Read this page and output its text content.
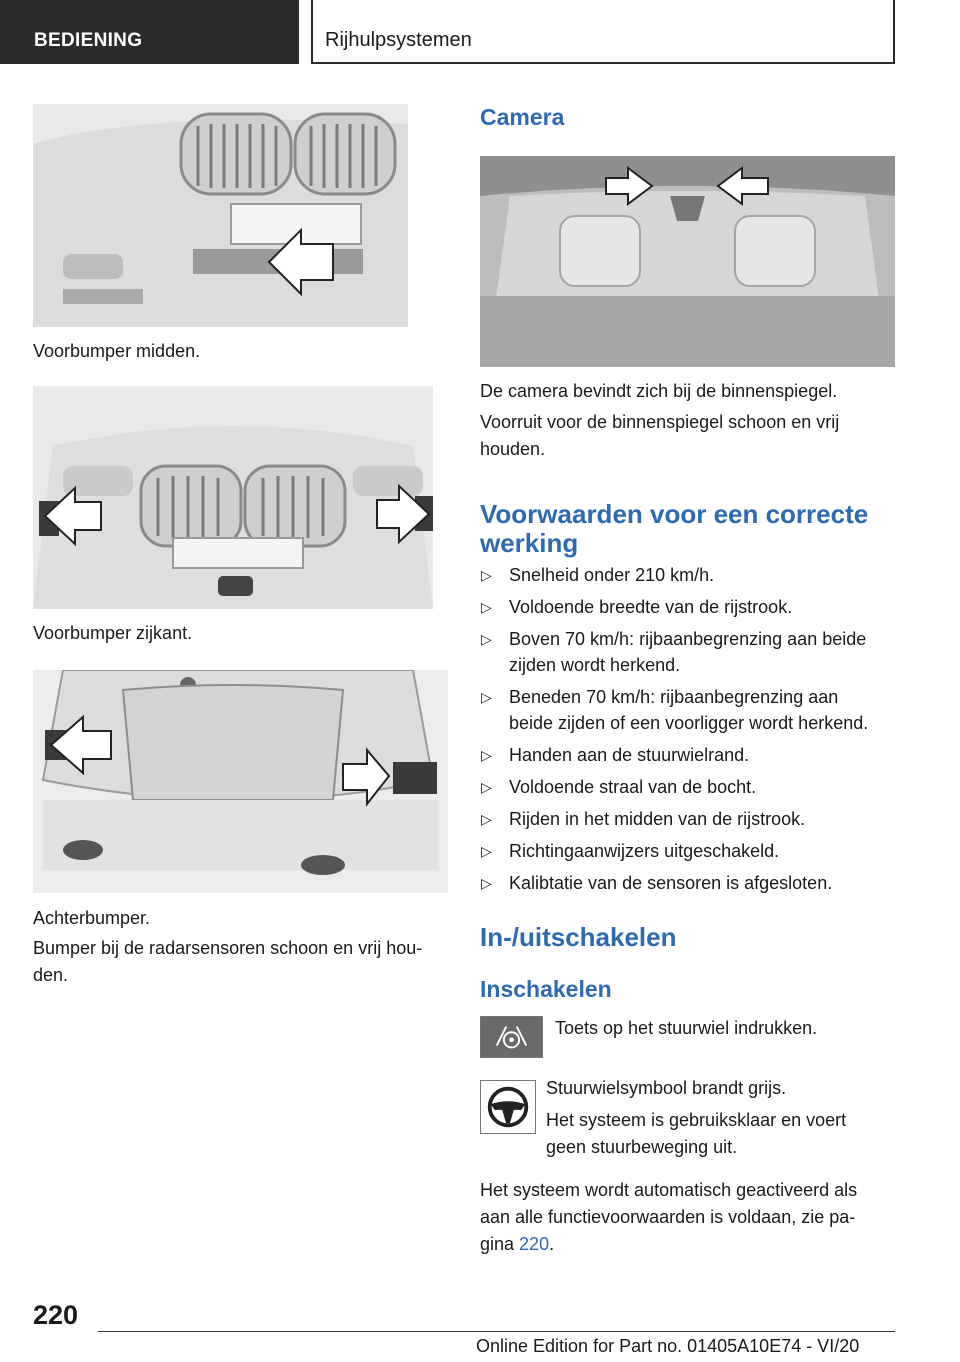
BEDIENING	Rijhulpsystemen
Voorbumper midden.
Voorbumper zijkant.
Achterbumper.
Bumper bij de radarsensoren schoon en vrij hou-
den.
Camera
De camera bevindt zich bij de binnenspiegel.
Voorruit voor de binnenspiegel schoon en vrij
houden.
Voorwaarden voor een correcte
werking
▷ Snelheid onder 210 km/h.
▷ Voldoende breedte van de rijstrook.
▷ Boven 70 km/h: rijbaanbegrenzing aan beide
zijden wordt herkend.
▷ Beneden 70 km/h: rijbaanbegrenzing aan
beide zijden of een voorligger wordt herkend.
▷ Handen aan de stuurwielrand.
▷ Voldoende straal van de bocht.
▷ Rijden in het midden van de rijstrook.
▷ Richtingaanwijzers uitgeschakeld.
▷ Kalibtatie van de sensoren is afgesloten.
In-/uitschakelen
Inschakelen
Toets op het stuurwiel indrukken.
Stuurwielsymbool brandt grijs.
Het systeem is gebruiksklaar en voert
geen stuurbeweging uit.
Het systeem wordt automatisch geactiveerd als
aan alle functievoorwaarden is voldaan, zie pa-
gina 220.
220
Online Edition for Part no. 01405A10E74 - VI/20
